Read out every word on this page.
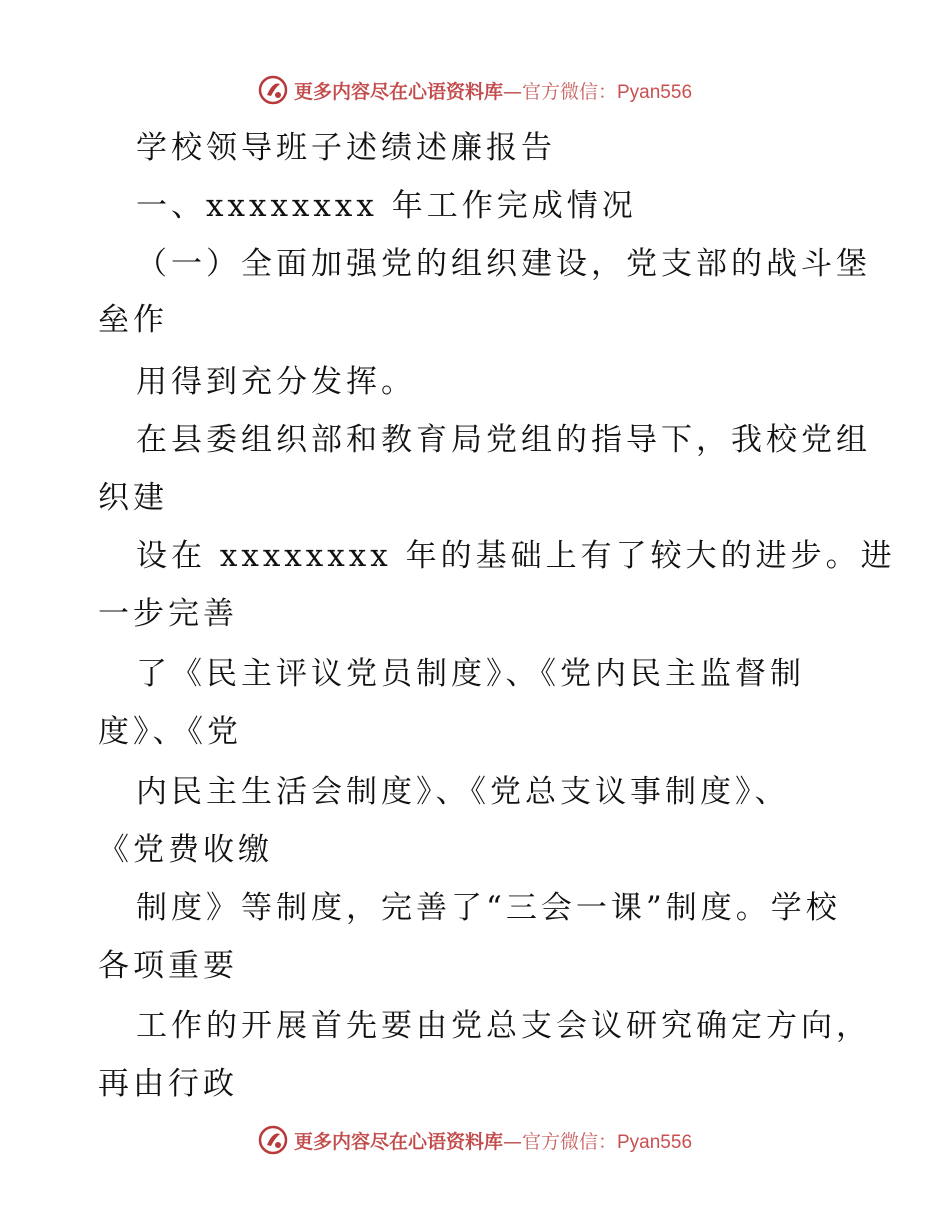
更多内容尽在心语资料库—官方微信：Pyan556
学校领导班子述绩述廉报告
一、xxxxxxxx 年工作完成情况
（一）全面加强党的组织建设，党支部的战斗堡
垒作
用得到充分发挥。
在县委组织部和教育局党组的指导下，我校党组
织建
设在 xxxxxxxx 年的基础上有了较大的进步。进
一步完善
了《民主评议党员制度》、《党内民主监督制
度》、《党
内民主生活会制度》、《党总支议事制度》、
《党费收缴
制度》等制度，完善了“三会一课”制度。学校
各项重要
工作的开展首先要由党总支会议研究确定方向，
再由行政
更多内容尽在心语资料库—官方微信：Pyan556
